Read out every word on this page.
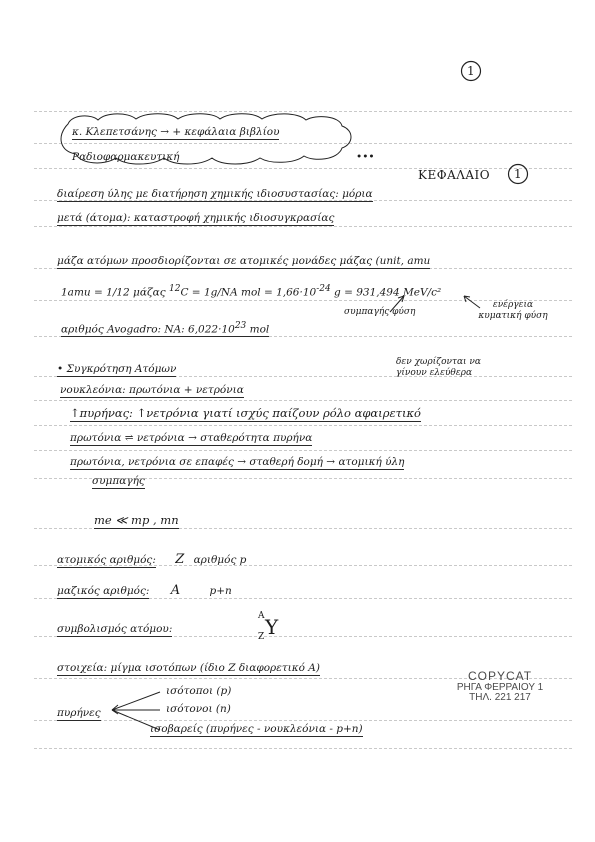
1
κ. Κλεπετσάνης → + κεφάλαια βιβλίου
Ραδιοφαρμακευτική	•••
ΚΕΦΑΛΑΙΟ 1
διαίρεση ύλης με διατήρηση χημικής ιδιοσυστασίας: μόρια
μετά (άτομα): καταστροφή χημικής ιδιοσυγκρασίας
μάζα ατόμων προσδιορίζονται σε ατομικές μονάδες μάζας (unit, amu
1amu = 1/12 μάζας $^{12}$C = 1g/NA mol = $1,66\cdot 10^{-24}$ g = 931,494 MeV/c²
συμπαγής φύση
ενέργεια κυματική φύση
αριθμός Avogadro: NA: $6,022\cdot 10^{23}$ mol
• Συγκρότηση Ατόμων
δεν χωρίζονται να γίνουν ελεύθερα
νουκλεόνια: πρωτόνια + νετρόνια
↑πυρήνας: ↑νετρόνια γιατί ισχύς παίζουν ρόλο αφαιρετικό
πρωτόνια ⇌ νετρόνια → σταθερότητα πυρήνα
πρωτόνια, νετρόνια σε επαφές → σταθερή δομή → ατομική ύλη
συμπαγής
me ≪ mp , mn
ατομικός αριθμός: Z αριθμός p
μαζικός αριθμός: A	p+n
συμβολισμός ατόμου:
A
Z Y
στοιχεία: μίγμα ισοτόπων (ίδιο Z διαφορετικό A)
πυρήνες
ισότοποι (p)
ισότονοι (n)
ισοβαρείς (πυρήνες - νουκλεόνια - p+n)
COPYCAT
ΡΗΓΑ ΦΕΡΡΑΙΟΥ 1
ΤΗΛ. 221 217
